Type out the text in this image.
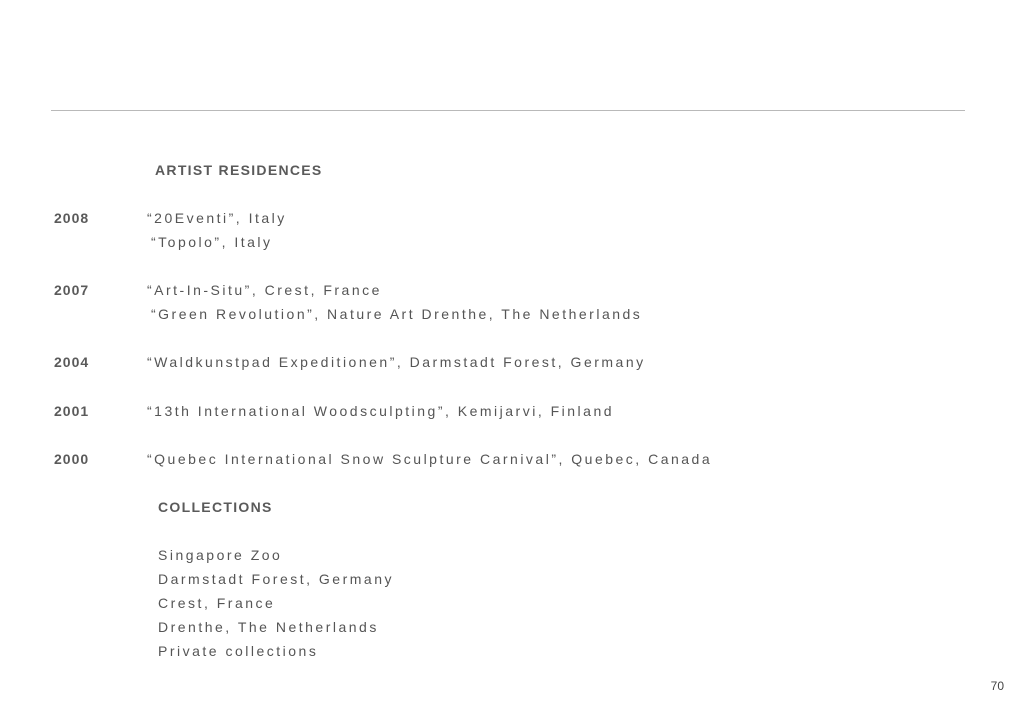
ARTIST RESIDENCES
2008	“20Eventi”, Italy
“Topolo”, Italy
2007	“Art-In-Situ”, Crest, France
“Green Revolution”, Nature Art Drenthe, The Netherlands
2004	“Waldkunstpad Expeditionen”, Darmstadt Forest, Germany
2001	“13th International Woodsculpting”, Kemijarvi, Finland
2000	“Quebec International Snow Sculpture Carnival”, Quebec, Canada
COLLECTIONS
Singapore Zoo
Darmstadt Forest, Germany
Crest, France
Drenthe, The Netherlands
Private collections
70
